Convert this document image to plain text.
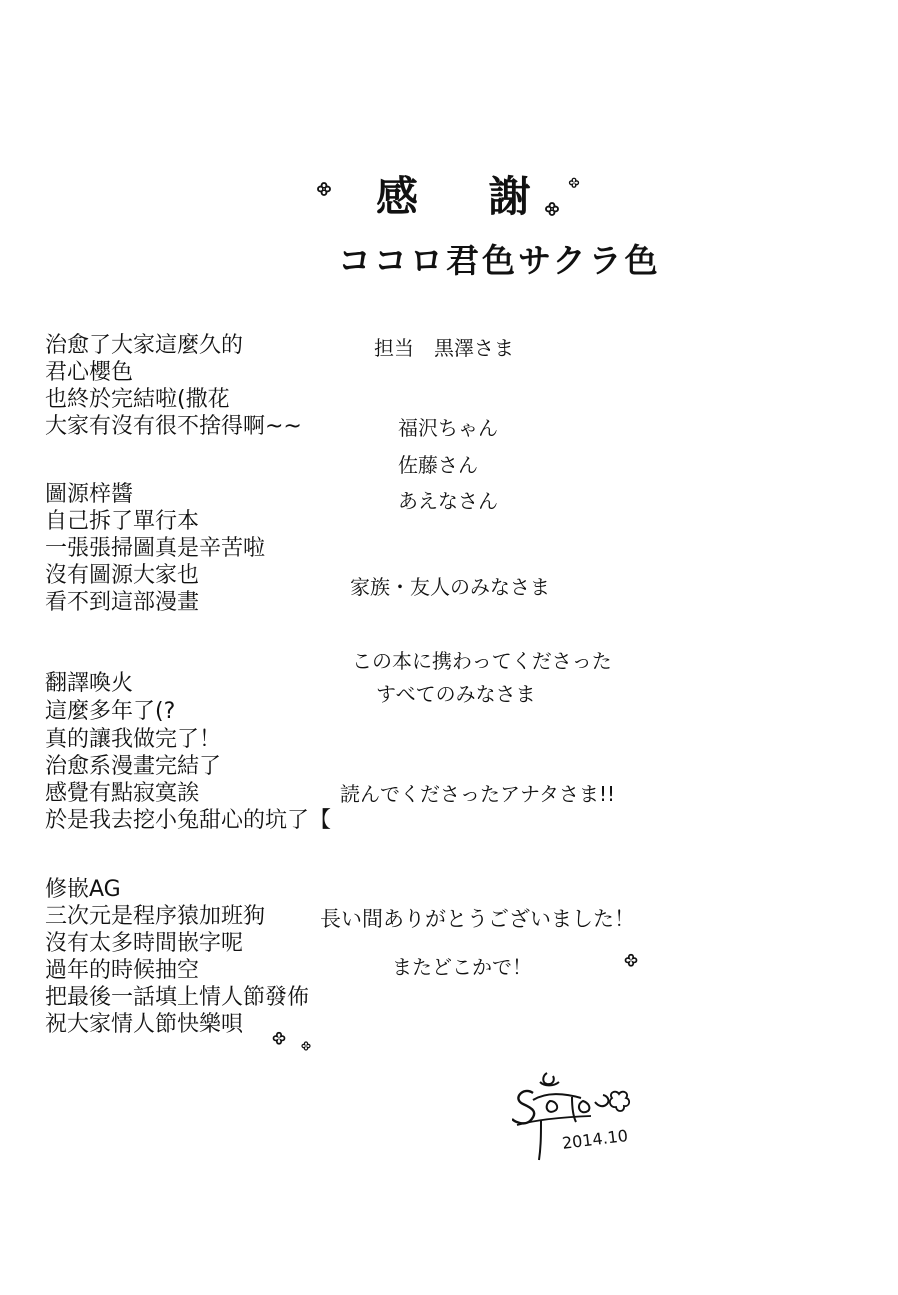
感 謝
ココロ君色サクラ色
治愈了大家這麼久的
君心櫻色
也終於完結啦(撒花
大家有沒有很不捨得啊~~
圖源梓醬
自己拆了單行本
一張張掃圖真是辛苦啦
沒有圖源大家也
看不到這部漫畫
翻譯喚火
這麼多年了(?
真的讓我做完了！
治愈系漫畫完結了
感覺有點寂寞誒
於是我去挖小兔甜心的坑了【
修嵌AG
三次元是程序猿加班狗
沒有太多時間嵌字呢
過年的時候抽空
把最後一話填上情人節發佈
祝大家情人節快樂唄
担当　黒澤さま
福沢ちゃん
佐藤さん
あえなさん
家族・友人のみなさま
この本に携わってくださった
すべてのみなさま
読んでくださったアナタさま!!
長い間ありがとうございました！
またどこかで！
2014.10
